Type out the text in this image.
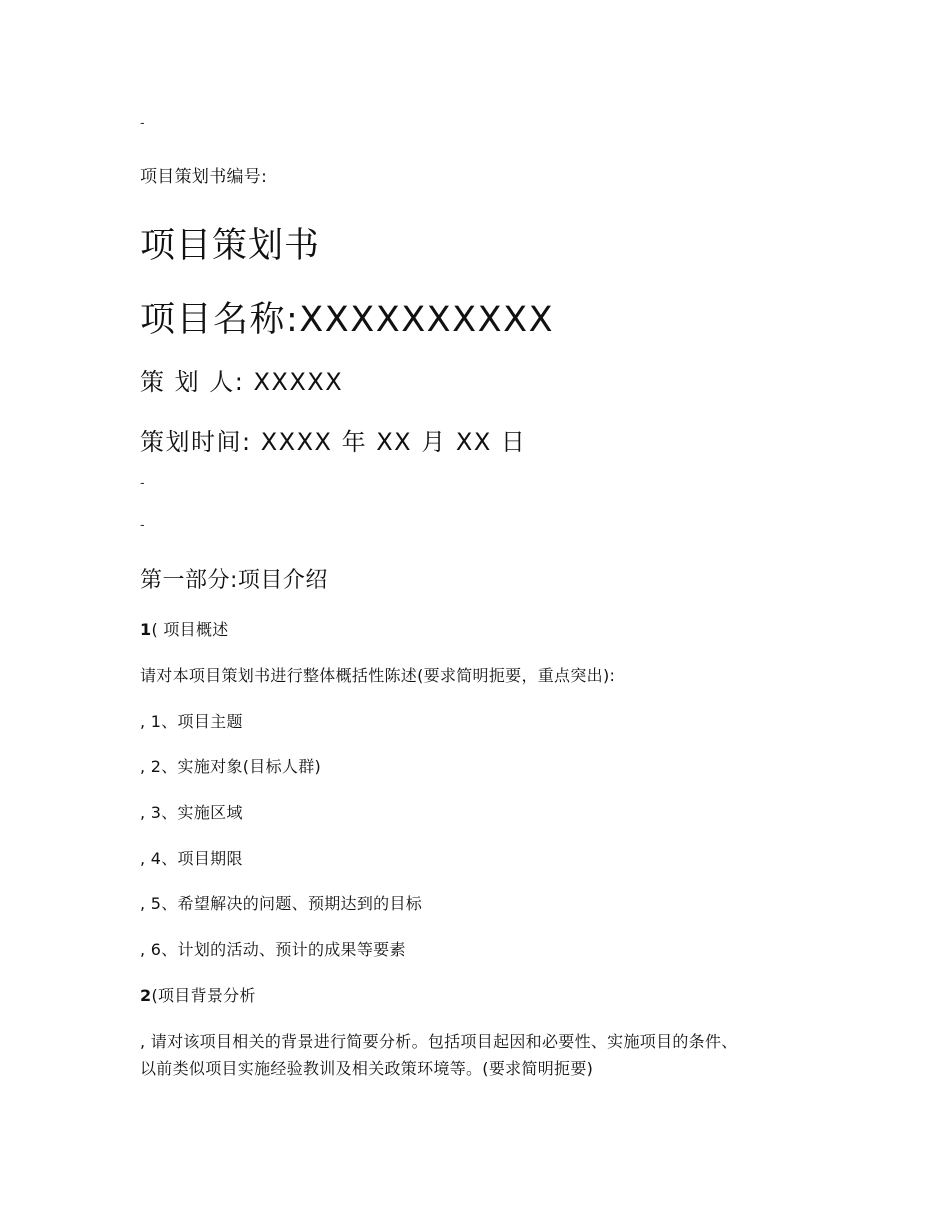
-
项目策划书编号:
项目策划书
项目名称:XXXXXXXXXX
策 划 人: XXXXX
策划时间: XXXX 年 XX 月 XX 日
-
-
第一部分:项目介绍
1( 项目概述
请对本项目策划书进行整体概括性陈述(要求简明扼要，重点突出):
, 1、项目主题
, 2、实施对象(目标人群)
, 3、实施区域
, 4、项目期限
, 5、希望解决的问题、预期达到的目标
, 6、计划的活动、预计的成果等要素
2(项目背景分析
, 请对该项目相关的背景进行简要分析。包括项目起因和必要性、实施项目的条件、
以前类似项目实施经验教训及相关政策环境等。(要求简明扼要)
